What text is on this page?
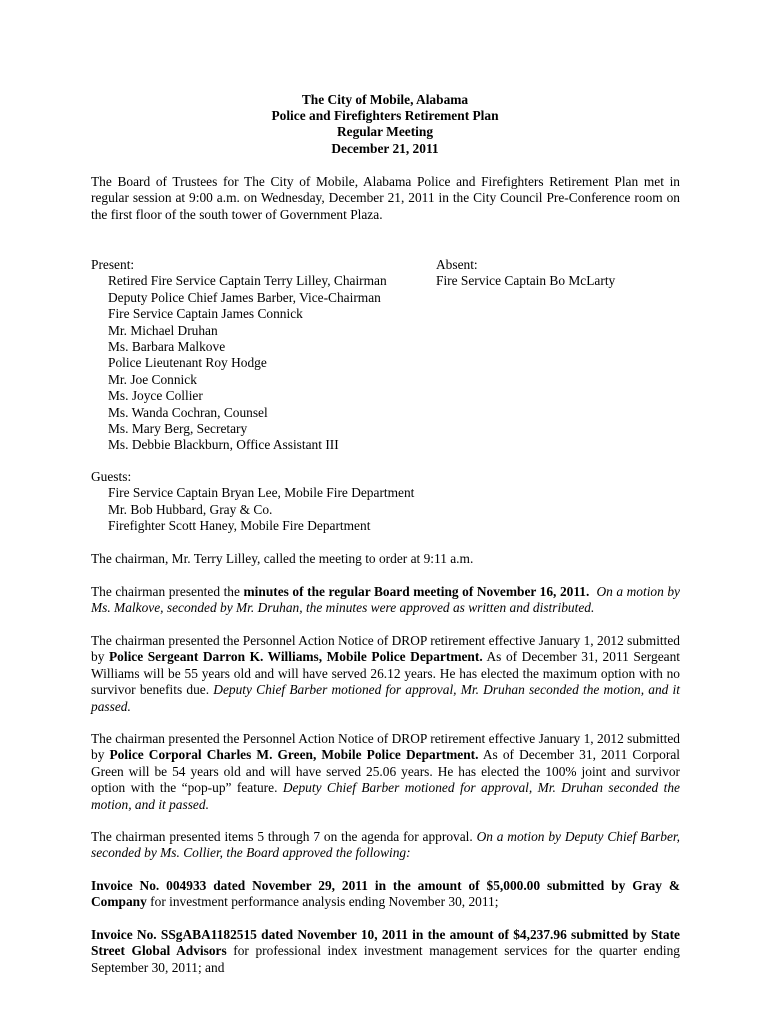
The City of Mobile, Alabama
Police and Firefighters Retirement Plan
Regular Meeting
December 21, 2011

The Board of Trustees for The City of Mobile, Alabama Police and Firefighters Retirement Plan met in regular session at 9:00 a.m. on Wednesday, December 21, 2011 in the City Council Pre-Conference room on the first floor of the south tower of Government Plaza.

Present:
Retired Fire Service Captain Terry Lilley, Chairman
Deputy Police Chief James Barber, Vice-Chairman
Fire Service Captain James Connick
Mr. Michael Druhan
Ms. Barbara Malkove
Police Lieutenant Roy Hodge
Mr. Joe Connick
Ms. Joyce Collier
Ms. Wanda Cochran, Counsel
Ms. Mary Berg, Secretary
Ms. Debbie Blackburn, Office Assistant III
Absent:
Fire Service Captain Bo McLarty
Guests:
Fire Service Captain Bryan Lee, Mobile Fire Department
Mr. Bob Hubbard, Gray & Co.
Firefighter Scott Haney, Mobile Fire Department

The chairman, Mr. Terry Lilley, called the meeting to order at 9:11 a.m.

The chairman presented the minutes of the regular Board meeting of November 16, 2011. On a motion by Ms. Malkove, seconded by Mr. Druhan, the minutes were approved as written and distributed.

The chairman presented the Personnel Action Notice of DROP retirement effective January 1, 2012 submitted by Police Sergeant Darron K. Williams, Mobile Police Department. As of December 31, 2011 Sergeant Williams will be 55 years old and will have served 26.12 years. He has elected the maximum option with no survivor benefits due. Deputy Chief Barber motioned for approval, Mr. Druhan seconded the motion, and it passed.

The chairman presented the Personnel Action Notice of DROP retirement effective January 1, 2012 submitted by Police Corporal Charles M. Green, Mobile Police Department. As of December 31, 2011 Corporal Green will be 54 years old and will have served 25.06 years. He has elected the 100% joint and survivor option with the “pop-up” feature. Deputy Chief Barber motioned for approval, Mr. Druhan seconded the motion, and it passed.

The chairman presented items 5 through 7 on the agenda for approval. On a motion by Deputy Chief Barber, seconded by Ms. Collier, the Board approved the following:

Invoice No. 004933 dated November 29, 2011 in the amount of $5,000.00 submitted by Gray & Company for investment performance analysis ending November 30, 2011;

Invoice No. SSgABA1182515 dated November 10, 2011 in the amount of $4,237.96 submitted by State Street Global Advisors for professional index investment management services for the quarter ending September 30, 2011; and
